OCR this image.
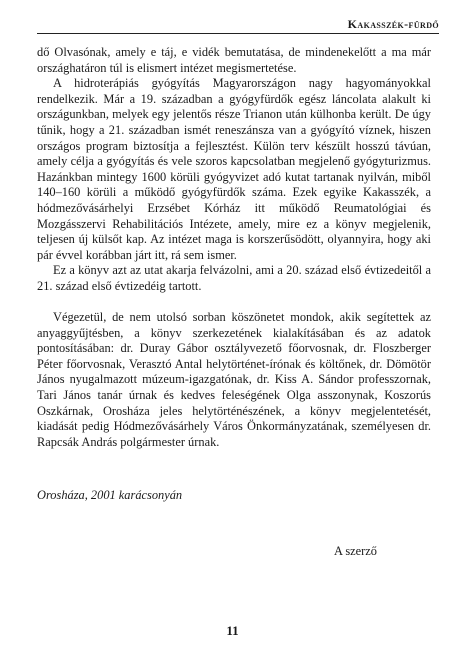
Kakasszék-fürdő

dő Olvasónak, amely e táj, e vidék bemutatása, de mindenekelőtt a ma már országhatáron túl is elismert intézet megismertetése.

A hidroterápiás gyógyítás Magyarországon nagy hagyományokkal rendelkezik. Már a 19. században a gyógyfürdők egész láncolata alakult ki országunkban, melyek egy jelentős része Trianon után külhonba került. De úgy tűnik, hogy a 21. században ismét reneszánsza van a gyógyító víznek, hiszen országos program biztosítja a fejlesztést. Külön terv készült hosszú távúan, amely célja a gyógyítás és vele szoros kapcsolatban megjelenő gyógyturizmus. Hazánkban mintegy 1600 körüli gyógyvizet adó kutat tartanak nyilván, miből 140–160 körüli a működő gyógyfürdők száma. Ezek egyike Kakasszék, a hódmezővásárhelyi Erzsébet Kórház itt működő Reumatológiai és Mozgásszervi Rehabilitációs Intézete, amely, mire ez a könyv megjelenik, teljesen új külsőt kap. Az intézet maga is korszerűsödött, olyannyira, hogy aki pár évvel korábban járt itt, rá sem ismer.

Ez a könyv azt az utat akarja felvázolni, ami a 20. század első évtizedeitől a 21. század első évtizedéig tartott.

Végezetül, de nem utolsó sorban köszönetet mondok, akik segítettek az anyaggyűjtésben, a könyv szerkezetének kialakításában és az adatok pontosításában: dr. Duray Gábor osztályvezető főorvosnak, dr. Floszberger Péter főorvosnak, Verasztó Antal helytörténet-írónak és költőnek, dr. Dömötör János nyugalmazott múzeum-igazgatónak, dr. Kiss A. Sándor professzornak, Tari János tanár úrnak és kedves feleségének Olga asszonynak, Koszorús Oszkárnak, Orosháza jeles helytörténészének, a könyv megjelentetését, kiadását pedig Hódmezővásárhely Város Önkormányzatának, személyesen dr. Rapcsák András polgármester úrnak.

Orosháza, 2001 karácsonyán
A szerző
11
